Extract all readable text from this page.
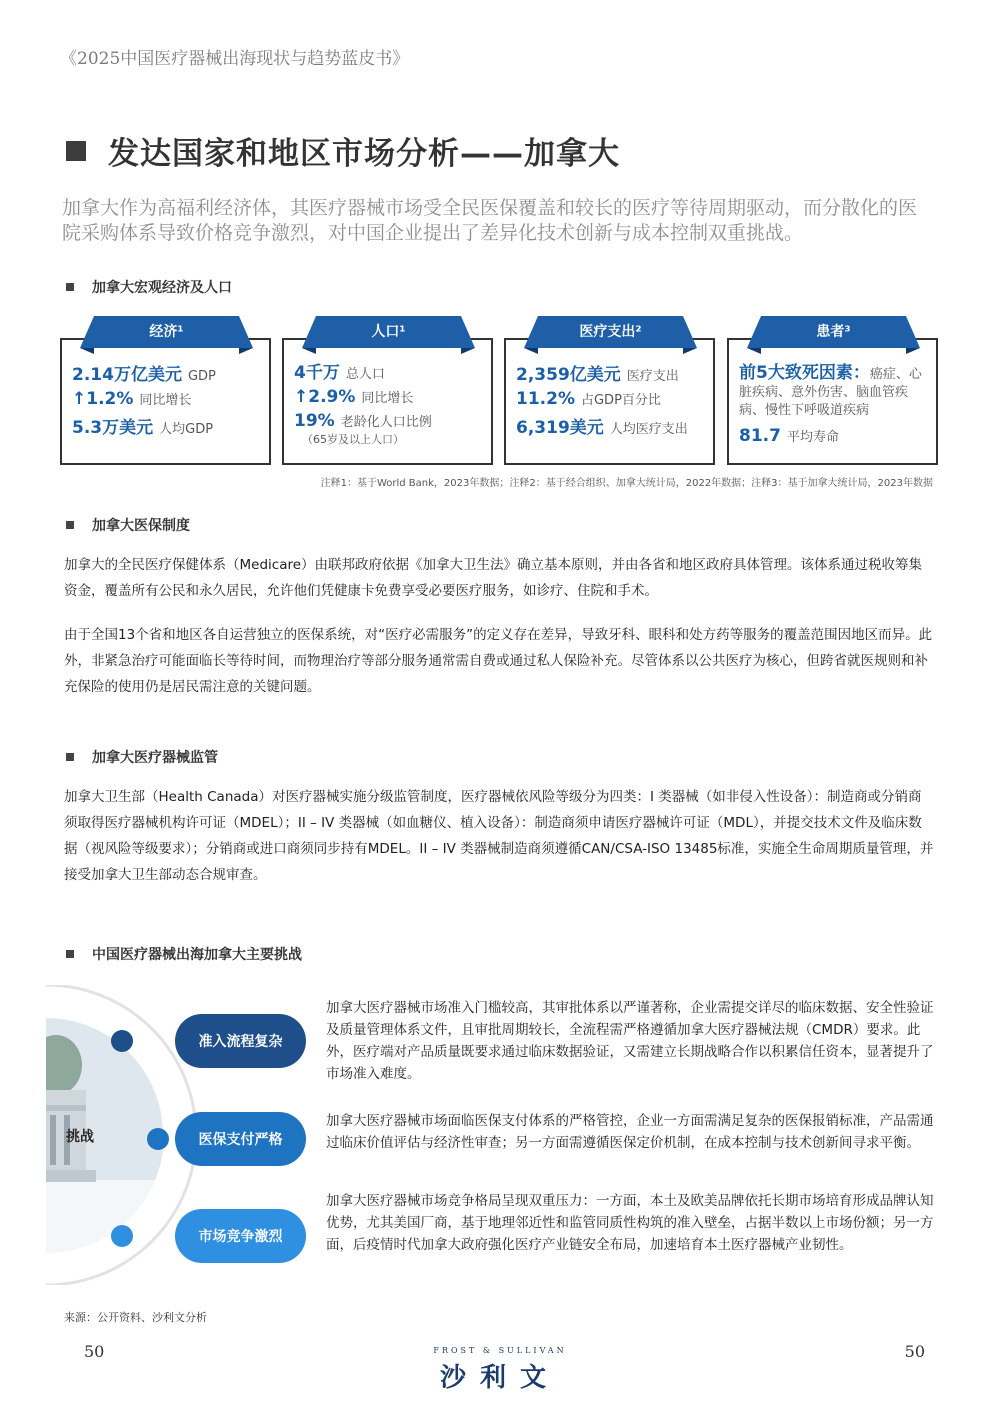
《2025中国医疗器械出海现状与趋势蓝皮书》
发达国家和地区市场分析——加拿大
加拿大作为高福利经济体，其医疗器械市场受全民医保覆盖和较长的医疗等待周期驱动，而分散化的医院采购体系导致价格竞争激烈，对中国企业提出了差异化技术创新与成本控制双重挑战。
加拿大宏观经济及人口
经济¹
2.14万亿美元 GDP
↑1.2% 同比增长
5.3万美元 人均GDP
人口¹
4千万 总人口
↑2.9% 同比增长
19% 老龄化人口比例
（65岁及以上人口）
医疗支出²
2,359亿美元 医疗支出
11.2% 占GDP百分比
6,319美元 人均医疗支出
患者³
前5大致死因素：癌症、心脏疾病、意外伤害、脑血管疾病、慢性下呼吸道疾病
81.7 平均寿命
注释1：基于World Bank，2023年数据；注释2：基于经合组织、加拿大统计局，2022年数据；注释3：基于加拿大统计局，2023年数据
加拿大医保制度
加拿大的全民医疗保健体系（Medicare）由联邦政府依据《加拿大卫生法》确立基本原则，并由各省和地区政府具体管理。该体系通过税收筹集资金，覆盖所有公民和永久居民，允许他们凭健康卡免费享受必要医疗服务，如诊疗、住院和手术。
由于全国13个省和地区各自运营独立的医保系统，对“医疗必需服务”的定义存在差异，导致牙科、眼科和处方药等服务的覆盖范围因地区而异。此外，非紧急治疗可能面临长等待时间，而物理治疗等部分服务通常需自费或通过私人保险补充。尽管体系以公共医疗为核心，但跨省就医规则和补充保险的使用仍是居民需注意的关键问题。
加拿大医疗器械监管
加拿大卫生部（Health Canada）对医疗器械实施分级监管制度，医疗器械依风险等级分为四类：I 类器械（如非侵入性设备）：制造商或分销商须取得医疗器械机构许可证（MDEL）；II – IV 类器械（如血糖仪、植入设备）：制造商须申请医疗器械许可证（MDL），并提交技术文件及临床数据（视风险等级要求）；分销商或进口商须同步持有MDEL。II – IV 类器械制造商须遵循CAN/CSA-ISO 13485标准，实施全生命周期质量管理，并接受加拿大卫生部动态合规审查。
中国医疗器械出海加拿大主要挑战
挑战
准入流程复杂
医保支付严格
市场竞争激烈
加拿大医疗器械市场准入门槛较高，其审批体系以严谨著称，企业需提交详尽的临床数据、安全性验证及质量管理体系文件，且审批周期较长，全流程需严格遵循加拿大医疗器械法规（CMDR）要求。此外，医疗端对产品质量既要求通过临床数据验证，又需建立长期战略合作以积累信任资本，显著提升了市场准入难度。
加拿大医疗器械市场面临医保支付体系的严格管控，企业一方面需满足复杂的医保报销标准，产品需通过临床价值评估与经济性审查；另一方面需遵循医保定价机制，在成本控制与技术创新间寻求平衡。
加拿大医疗器械市场竞争格局呈现双重压力：一方面，本土及欧美品牌依托长期市场培育形成品牌认知优势，尤其美国厂商，基于地理邻近性和监管同质性构筑的准入壁垒，占据半数以上市场份额；另一方面，后疫情时代加拿大政府强化医疗产业链安全布局，加速培育本土医疗器械产业韧性。
来源：公开资料、沙利文分析
50	50
FROST & SULLIVAN
沙利文
